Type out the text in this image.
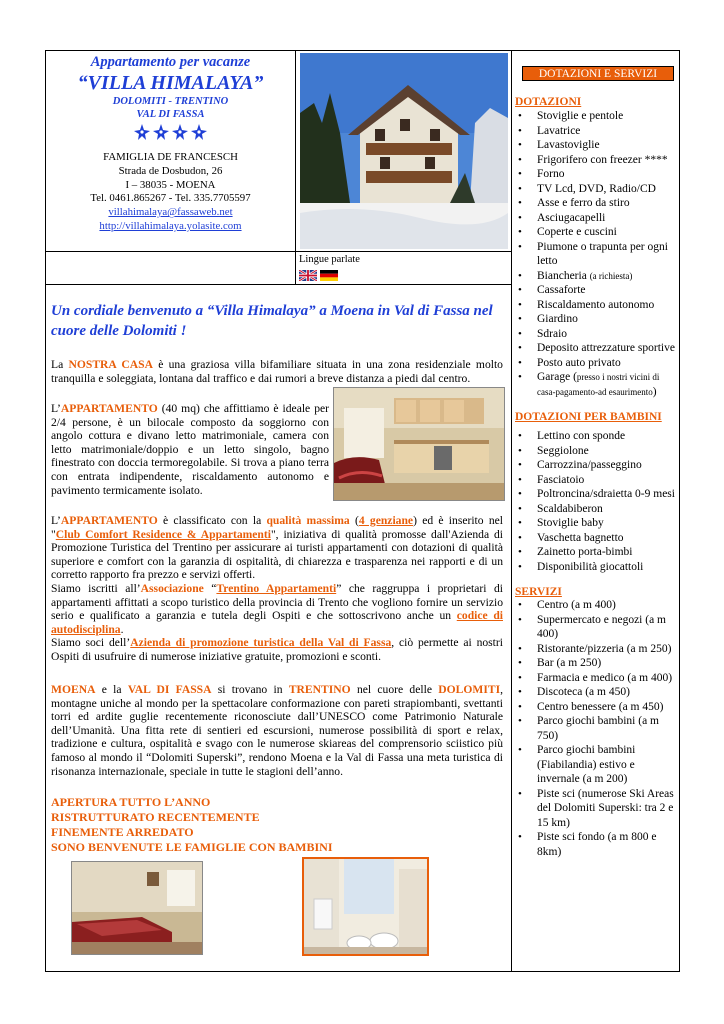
Appartamento per vacanze
“VILLA HIMALAYA”
DOLOMITI - TRENTINO
VAL DI FASSA
FAMIGLIA DE FRANCESCH
Strada de Dosbudon, 26
I – 38035 - MOENA
Tel. 0461.865267 - Tel. 335.7705597
villahimalaya@fassaweb.net
http://villahimalaya.yolasite.com
Lingue parlate
Un cordiale benvenuto a “Villa Himalaya” a Moena in Val di Fassa nel cuore delle Dolomiti !
La NOSTRA CASA è una graziosa villa bifamiliare situata in una zona residenziale molto tranquilla e soleggiata, lontana dal traffico e dai rumori a breve distanza a piedi dal centro.
L’APPARTAMENTO (40 mq) che affittiamo è ideale per 2/4 persone, è un bilocale composto da soggiorno con angolo cottura e divano letto matrimoniale, camera con letto matrimoniale/doppio e un letto singolo, bagno finestrato con doccia termoregolabile. Si trova a piano terra con entrata indipendente, riscaldamento autonomo e pavimento termicamente isolato.
L’APPARTAMENTO è classificato con la qualità massima (4 genziane) ed è inserito nel "Club Comfort Residence & Appartamenti", iniziativa di qualità promosse dall'Azienda di Promozione Turistica del Trentino per assicurare ai turisti appartamenti con dotazioni di qualità superiore e comfort con la garanzia di ospitalità, di chiarezza e trasparenza nei rapporti e di un corretto rapporto fra prezzo e servizi offerti.
Siamo iscritti all’Associazione “Trentino Appartamenti” che raggruppa i proprietari di appartamenti affittati a scopo turistico della provincia di Trento che vogliono fornire un servizio serio e qualificato a garanzia e tutela degli Ospiti e che sottoscrivono anche un codice di autodisciplina.
Siamo soci dell’Azienda di promozione turistica della Val di Fassa, ciò permette ai nostri Ospiti di usufruire di numerose iniziative gratuite, promozioni e sconti.
MOENA e la VAL DI FASSA si trovano in TRENTINO nel cuore delle DOLOMITI, montagne uniche al mondo per la spettacolare conformazione con pareti strapiombanti, svettanti torri ed ardite guglie recentemente riconosciute dall’UNESCO come Patrimonio Naturale dell’Umanità. Una fitta rete di sentieri ed escursioni, numerose possibilità di sport e relax, tradizione e cultura, ospitalità e svago con le numerose skiareas del comprensorio sciistico più famoso al mondo il “Dolomiti Superski”, rendono Moena e la Val di Fassa una meta turistica di risonanza internazionale, speciale in tutte le stagioni dell’anno.
APERTURA TUTTO L’ANNO
RISTRUTTURATO RECENTEMENTE
FINEMENTE ARREDATO
SONO BENVENUTE LE FAMIGLIE CON BAMBINI
DOTAZIONI E SERVIZI
DOTAZIONI
• Stoviglie e pentole
• Lavatrice
• Lavastoviglie
• Frigorifero con freezer ****
• Forno
• TV Lcd, DVD, Radio/CD
• Asse e ferro da stiro
• Asciugacapelli
• Coperte e cuscini
• Piumone o trapunta per ogni letto
• Biancheria (a richiesta)
• Cassaforte
• Riscaldamento autonomo
• Giardino
• Sdraio
• Deposito attrezzature sportive
• Posto auto privato
• Garage (presso i nostri vicini di casa-pagamento-ad esaurimento)
DOTAZIONI PER BAMBINI
• Lettino con sponde
• Seggiolone
• Carrozzina/passeggino
• Fasciatoio
• Poltroncina/sdraietta 0-9 mesi
• Scaldabiberon
• Stoviglie baby
• Vaschetta bagnetto
• Zainetto porta-bimbi
• Disponibilità giocattoli
SERVIZI
• Centro (a m 400)
• Supermercato e negozi (a m 400)
• Ristorante/pizzeria (a m 250)
• Bar (a m 250)
• Farmacia e medico (a m 400)
• Discoteca (a m 450)
• Centro benessere (a m 450)
• Parco giochi bambini (a m 750)
• Parco giochi bambini (Fiabilandia) estivo e invernale (a m 200)
• Piste sci (numerose Ski Areas del Dolomiti Superski: tra 2 e 15 km)
• Piste sci fondo (a m 800 e 8km)
